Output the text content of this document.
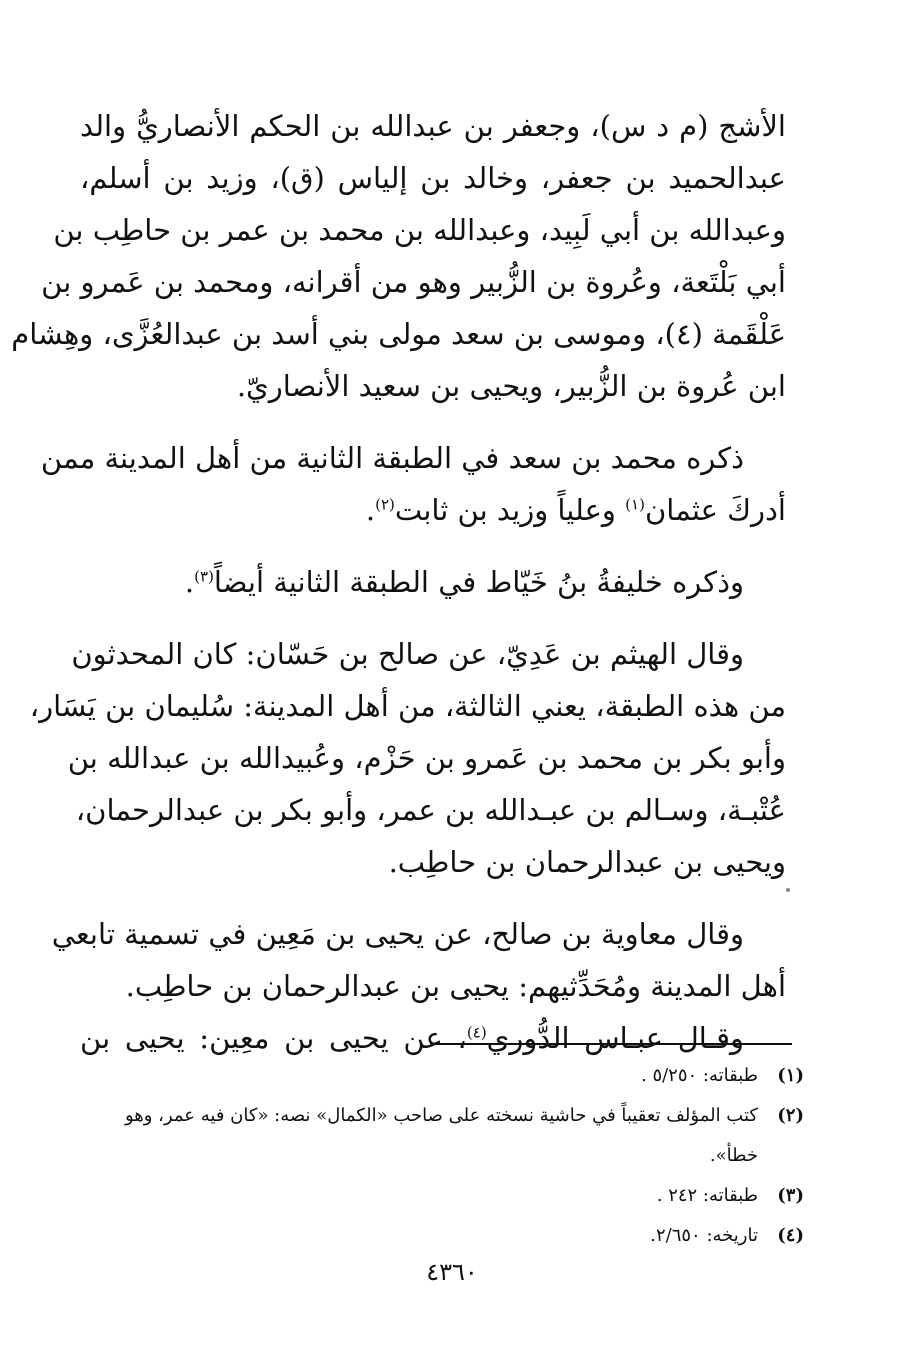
الأشج (م د س)، وجعفر بن عبدالله بن الحكم الأنصاريُّ والد
عبدالحميد بن جعفر، وخالد بن إلياس (ق)، وزيد بن أسلم،
وعبدالله بن أبي لَبِيد، وعبدالله بن محمد بن عمر بن حاطِب بن
أبي بَلْتَعة، وعُروة بن الزُّبير وهو من أقرانه، ومحمد بن عَمرو بن
عَلْقَمة (٤)، وموسى بن سعد مولى بني أسد بن عبدالعُزَّى، وهِشام
ابن عُروة بن الزُّبير، ويحيى بن سعيد الأنصاريّ.
ذكره محمد بن سعد في الطبقة الثانية من أهل المدينة ممن
أدركَ عثمان$^{(١)}$ وعلياً وزيد بن ثابت$^{(٢)}$.
وذكره خليفةُ بنُ خَيّاط في الطبقة الثانية أيضاً$^{(٣)}$.
وقال الهيثم بن عَدِيّ، عن صالح بن حَسّان: كان المحدثون
من هذه الطبقة، يعني الثالثة، من أهل المدينة: سُليمان بن يَسَار،
وأبو بكر بن محمد بن عَمرو بن حَزْم، وعُبيدالله بن عبدالله بن
عُتْبـة، وسـالم بن عبـدالله بن عمر، وأبو بكر بن عبدالرحمان،
ويحيى بن عبدالرحمان بن حاطِب.
وقال معاوية بن صالح، عن يحيى بن مَعِين في تسمية تابعي
أهل المدينة ومُحَدِّثيهم: يحيى بن عبدالرحمان بن حاطِب.
وقـال عبـاس الدُّوري$^{(٤)}$، عن يحيى بن معِين: يحيى بن
(١)
طبقاته: ٥/٢٥٠ .
(٢)
كتب المؤلف تعقيباً في حاشية نسخته على صاحب «الكمال» نصه: «كان فيه عمر، وهو خطأ».
(٣)
طبقاته: ٢٤٢ .
(٤)
تاريخه: ٢/٦٥٠.
٤٣٦٠
